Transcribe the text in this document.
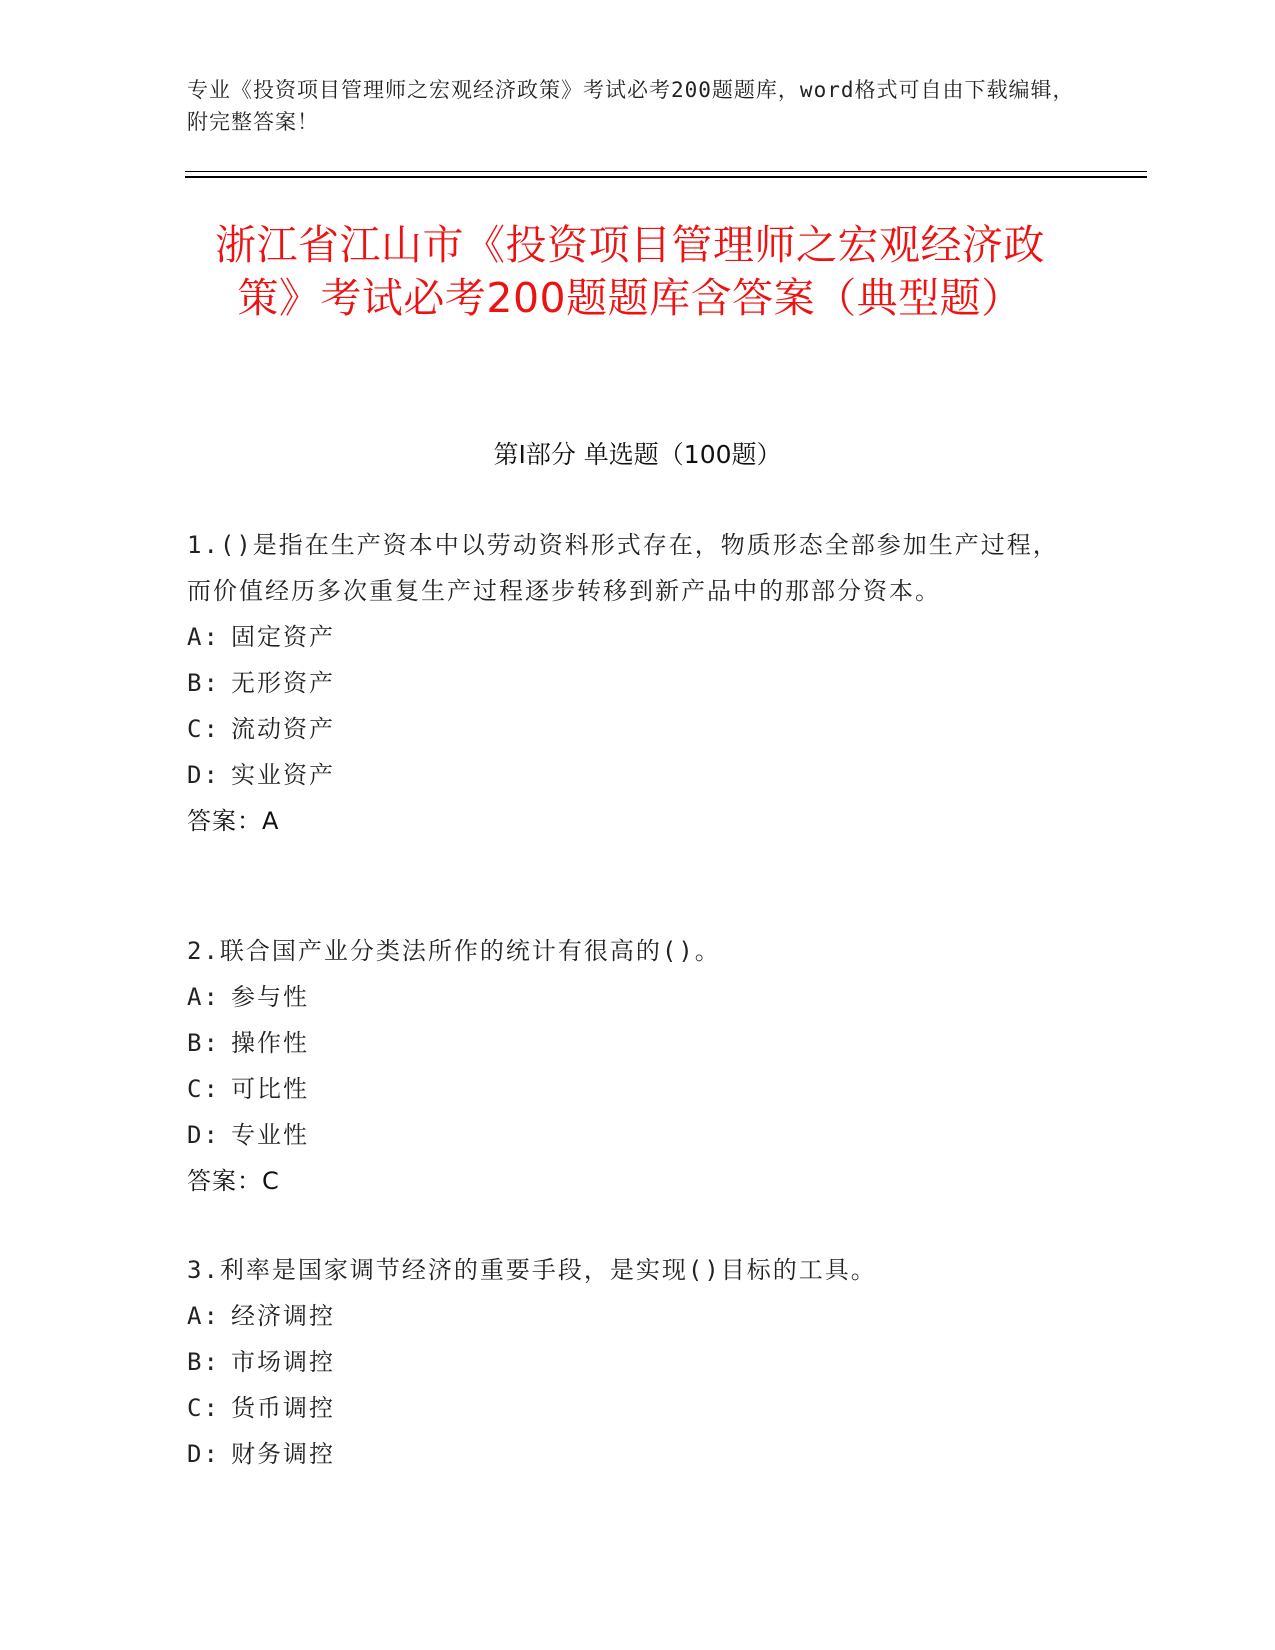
专业《投资项目管理师之宏观经济政策》考试必考200题题库，word格式可自由下载编辑，附完整答案！
浙江省江山市《投资项目管理师之宏观经济政策》考试必考200题题库含答案（典型题）
第Ⅰ部分 单选题（100题）
1.()是指在生产资本中以劳动资料形式存在，物质形态全部参加生产过程，而价值经历多次重复生产过程逐步转移到新产品中的那部分资本。
A: 固定资产
B: 无形资产
C: 流动资产
D: 实业资产
答案：A
2.联合国产业分类法所作的统计有很高的()。
A: 参与性
B: 操作性
C: 可比性
D: 专业性
答案：C
3.利率是国家调节经济的重要手段，是实现()目标的工具。
A: 经济调控
B: 市场调控
C: 货币调控
D: 财务调控
